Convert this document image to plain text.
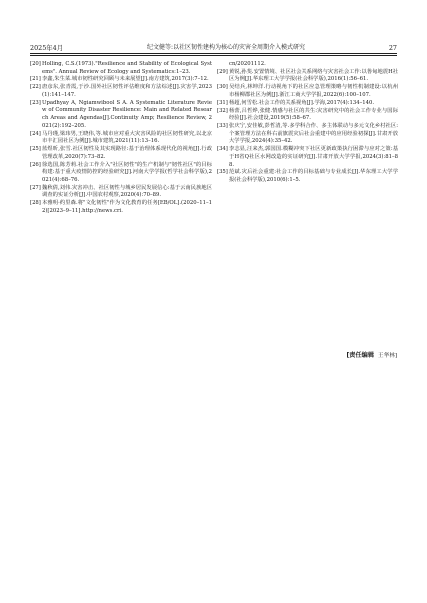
2025年4月	纪文健等:以社区韧性建构为核心的灾害全周期介入模式研究	27
[20] Holling, C.S.(1973)."Resilience and Stability of Ecological Systems". Annual Review of Ecology and Systematics:1–23.
[21] 李鑫,朱生菜.城市韧性研究回顾与未来展望[J].南方建筑,2017(3):7–12.
[22] 唐彦东,张青霞,于沙.国外社区韧性评估维度和方法综述[J].灾害学,2023(1):141–147.
[23] Upadhyay A, Ngiamwibool S A. A Systematic Literature Review of Community Disaster Resilience: Main and Related Research Areas and Agendas[J].Continuity Amp; Resilience Review, 2021(2):192–205.
[24] 马丹瑾,梁玮男,王晓伟,等.城市应对重大灾害风险的社区韧性研究,以北京市丰汇园社区为例[J].城市建筑,2021(11):13–16.
[25] 蓝煜昕,张雪.社区韧性及其实现路径:基于治理体系现代化的视角[J].行政管理改革,2020(7):73–82.
[26] 徐选国,陈芳莉.社会工作介入"社区韧性"的生产机制与"韧性社区"的目标构建:基于重大疫情防控的经验研究[J].河南大学学报(哲学社会科学版),2021(4):68–76.
[27] 魏秋倩,刘伟.灾害冲击、社区韧性与城乡居民发展信心:基于云南民族地区调查的实证分析[J].中国农村观察,2020(4):70–89.
[28] 本雅明·约里森.将"文化韧性"作为文化教育的任务[EB/OL].(2020–11–12)[2023–9–11].http://news.cri.
cn/20201112.
[29] 黄锐,孙斐.安置情境、社区社会关系网络与灾害社会工作:以鲁甸地震H社区为例[J].华东理工大学学报(社会科学版),2016(1):56–61.
[30] 吴结兵,林坤洋.行动视角下的社区应急管理策略与韧性机制建设:以杭州市杨柳郡社区为例[J].浙江工商大学学报,2022(6):100–107.
[31] 杨超,何雪松.社会工作的关系视角[J].学海,2017(4):134–140.
[32] 杨蕾,吕哲烨,张健.情感与社区的共生:灾害研究中的社会工作专业与国际经验[J].社会建设,2019(5):58–67.
[33] 张庆宁,安佳敏,彭哲清,等.多学科合作、多主体联动与多元文化乡村社区:个案管理方法在科右前旗震灾后社会重建中的应用经验初探[J].甘肃开放大学学报,2024(4):35–42.
[34] 李志显,汪来杰,郭国国.模糊冲突下社区更新政策执行困滞与应对之策:基于H省Q社区水网改造的实证研究[J].甘肃开放大学学报,2024(3):81–88.
[35] 范斌.灾后社会重建:社会工作的目标基础与专业成长[J].华东理工大学学报(社会科学版),2010(6):1–5.
[责任编辑 王华林]
